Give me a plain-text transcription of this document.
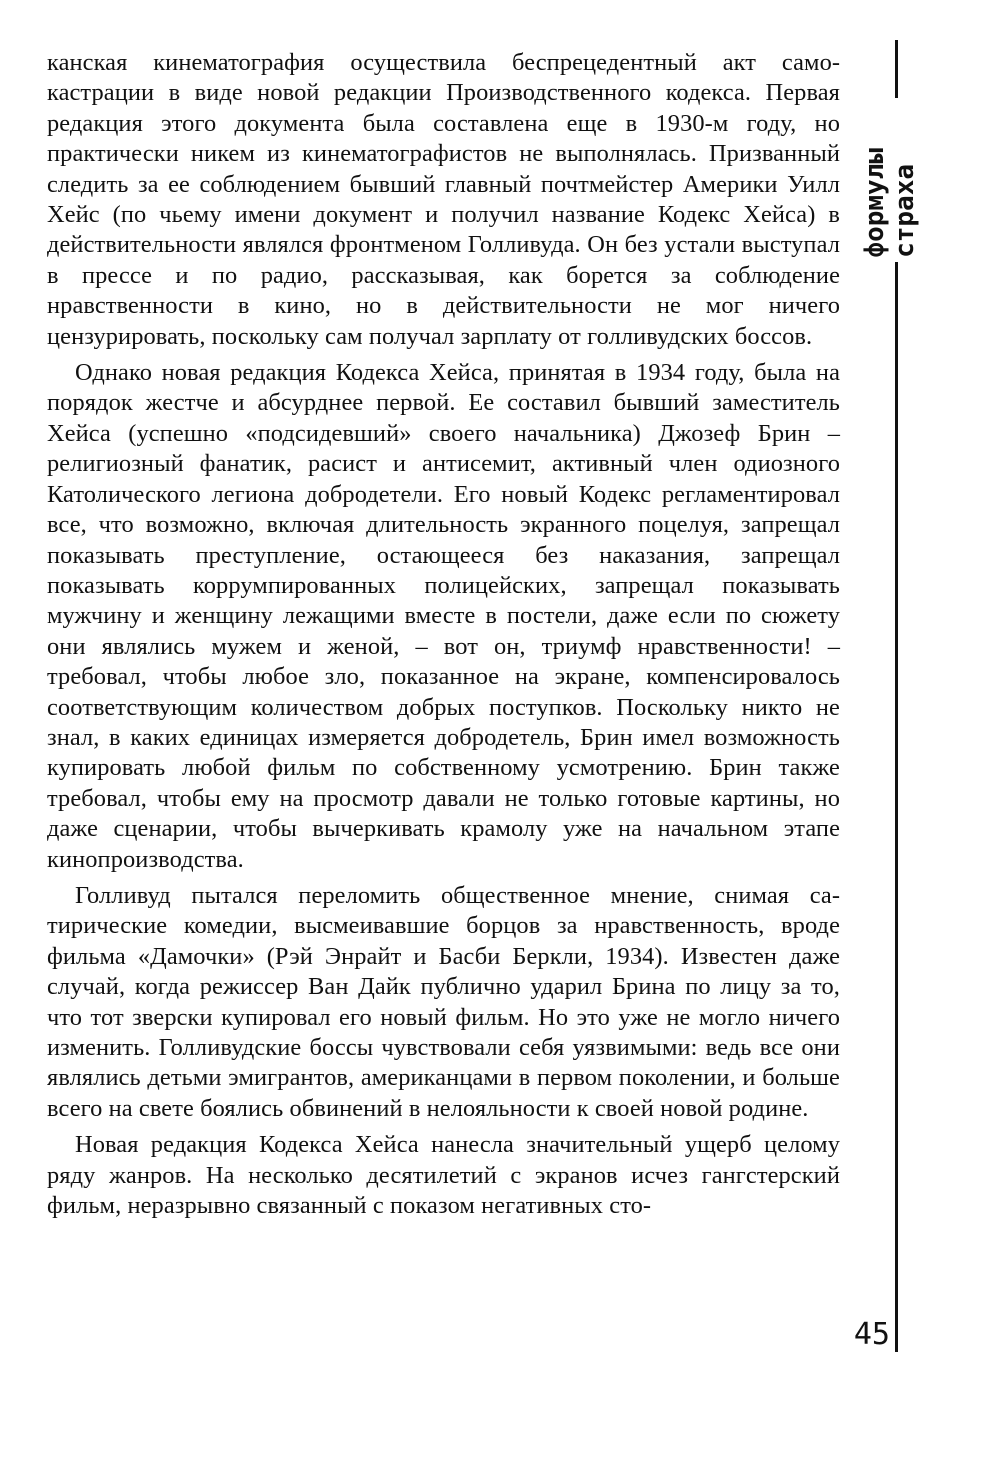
канская кинематография осуществила беспрецедентный акт самокастрации в виде новой редакции Производственного кодекса. Первая редакция этого документа была составлена еще в 1930-м году, но практически никем из кинематографистов не выполнялась. Призванный следить за ее соблюдением бывший главный почтмейстер Америки Уилл Хейс (по чьему имени документ и получил название Кодекс Хейса) в действительности являлся фронтменом Голливуда. Он без устали выступал в прессе и по радио, рассказывая, как борется за соблюдение нравственности в кино, но в действительности не мог ничего цензурировать, поскольку сам получал зарплату от голливудских боссов.

Однако новая редакция Кодекса Хейса, принятая в 1934 году, была на порядок жестче и абсурднее первой. Ее составил бывший заместитель Хейса (успешно «подсидевший» своего начальника) Джозеф Брин – религиозный фанатик, расист и антисемит, активный член одиозного Католического легиона добродетели. Его новый Кодекс регламентировал все, что возможно, включая длительность экранного поцелуя, запрещал показывать преступление, остающееся без наказания, запрещал показывать коррумпированных полицейских, запрещал показывать мужчину и женщину лежащими вместе в постели, даже если по сюжету они являлись мужем и женой, – вот он, триумф нравственности! – требовал, чтобы любое зло, показанное на экране, компенсировалось соответствующим количеством добрых поступков. Поскольку никто не знал, в каких единицах измеряется добродетель, Брин имел возможность купировать любой фильм по собственному усмотрению. Брин также требовал, чтобы ему на просмотр давали не только готовые картины, но даже сценарии, чтобы вычеркивать крамолу уже на начальном этапе кинопроизводства.

Голливуд пытался переломить общественное мнение, снимая сатирические комедии, высмеивавшие борцов за нравственность, вроде фильма «Дамочки» (Рэй Энрайт и Басби Беркли, 1934). Известен даже случай, когда режиссер Ван Дайк публично ударил Брина по лицу за то, что тот зверски купировал его новый фильм. Но это уже не могло ничего изменить. Голливудские боссы чувствовали себя уязвимыми: ведь все они являлись детьми эмигрантов, американцами в первом поколении, и больше всего на свете боялись обвинений в нелояльности к своей новой родине.

Новая редакция Кодекса Хейса нанесла значительный ущерб целому ряду жанров. На несколько десятилетий с экранов исчез гангстерский фильм, неразрывно связанный с показом негативных сто-

формулы страха
45
